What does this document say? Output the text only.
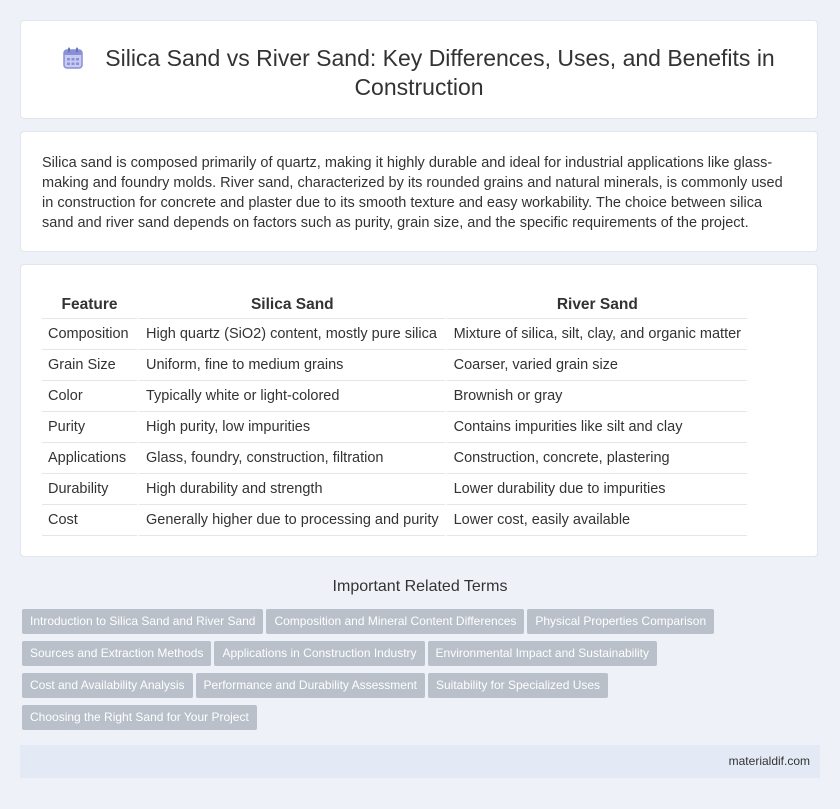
Silica Sand vs River Sand: Key Differences, Uses, and Benefits in Construction
Silica sand is composed primarily of quartz, making it highly durable and ideal for industrial applications like glass-making and foundry molds. River sand, characterized by its rounded grains and natural minerals, is commonly used in construction for concrete and plaster due to its smooth texture and easy workability. The choice between silica sand and river sand depends on factors such as purity, grain size, and the specific requirements of the project.
Feature	Silica Sand	River Sand
Composition	High quartz (SiO2) content, mostly pure silica	Mixture of silica, silt, clay, and organic matter
Grain Size	Uniform, fine to medium grains	Coarser, varied grain size
Color	Typically white or light-colored	Brownish or gray
Purity	High purity, low impurities	Contains impurities like silt and clay
Applications	Glass, foundry, construction, filtration	Construction, concrete, plastering
Durability	High durability and strength	Lower durability due to impurities
Cost	Generally higher due to processing and purity	Lower cost, easily available
Important Related Terms
Introduction to Silica Sand and River Sand Composition and Mineral Content Differences Physical Properties Comparison
Sources and Extraction Methods Applications in Construction Industry Environmental Impact and Sustainability
Cost and Availability Analysis Performance and Durability Assessment Suitability for Specialized Uses
Choosing the Right Sand for Your Project
materialdif.com
